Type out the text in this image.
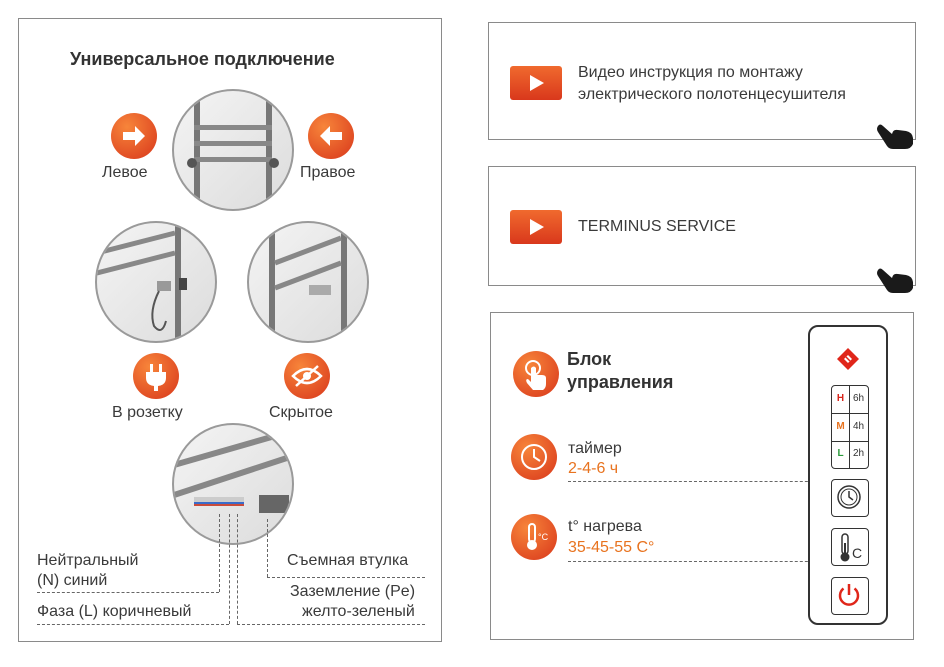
Универсальное подключение
Левое	Правое
В розетку	Скрытое
Нейтральный
(N) синий
Фаза (L) коричневый
Съемная втулка
Заземление (Pe)
желто-зеленый
Видео инструкция по монтажу
электрического полотенцесушителя
TERMINUS SERVICE
Блок
управления
таймер
2-4-6 ч
°C
t° нагрева
35-45-55 С°
H 6h
M 4h
L 2h
C
